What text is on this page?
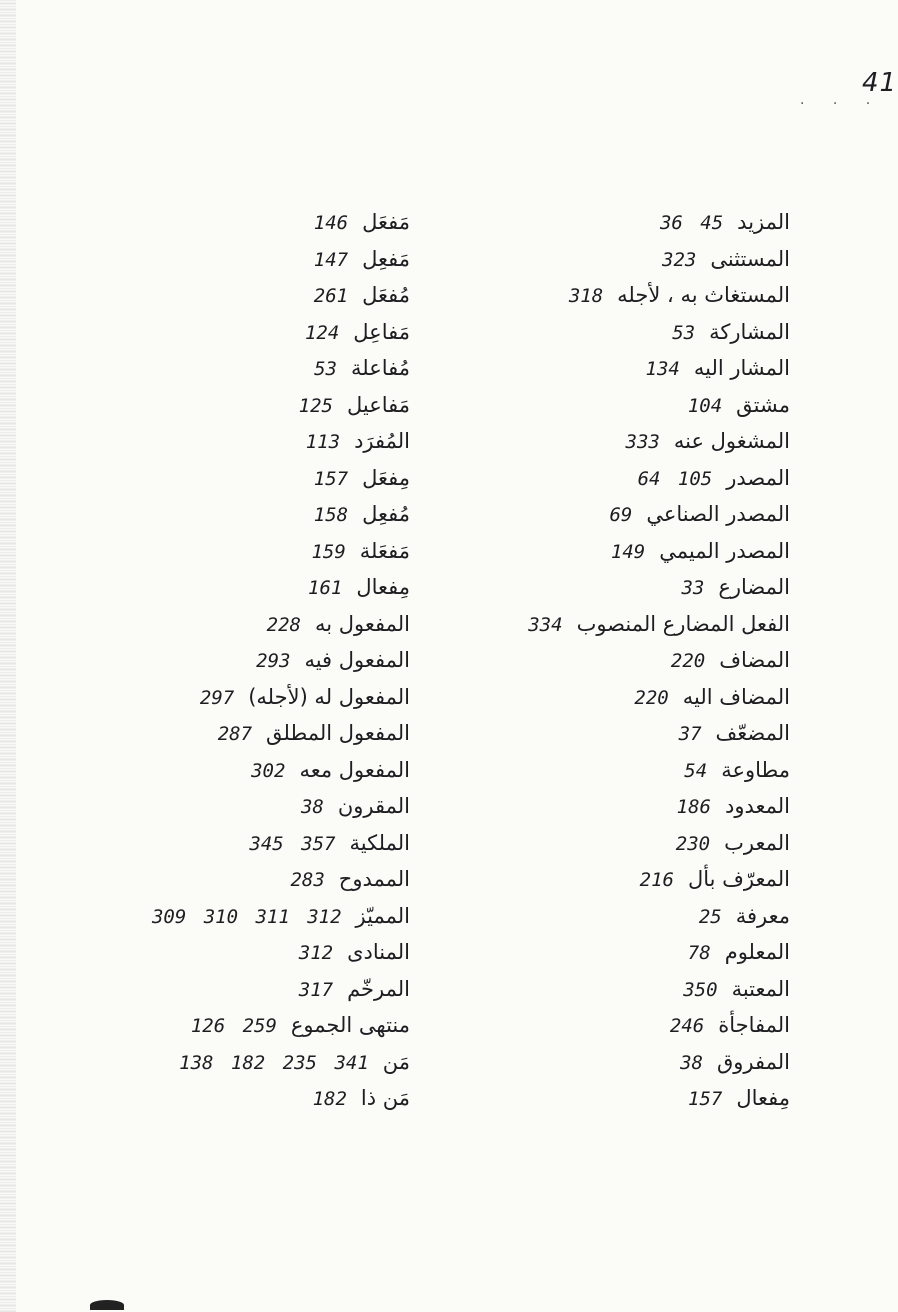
· · ·
41
المزيد36 45
المستثنى323
المستغاث به ، لأجله318
المشاركة53
المشار اليه134
مشتق104
المشغول عنه333
المصدر64 105
المصدر الصناعي69
المصدر الميمي149
المضارع33
الفعل المضارع المنصوب334
المضاف220
المضاف اليه220
المضعّف37
مطاوعة54
المعدود186
المعرب230
المعرّف بأل216
معرفة25
المعلوم78
المعتبة350
المفاجأة246
المفروق38
مِفعال157
مَفعَل146
مَفعِل147
مُفعَل261
مَفاعِل124
مُفاعلة53
مَفاعيل125
المُفرَد113
مِفعَل157
مُفعِل158
مَفعَلة159
مِفعال161
المفعول به228
المفعول فيه293
المفعول له (لأجله)297
المفعول المطلق287
المفعول معه302
المقرون38
الملكية345 357
الممدوح283
المميّز309 310 311 312
المنادى312
المرخّم317
منتهى الجموع126 259
مَن138 182 235 341
مَن ذا182
